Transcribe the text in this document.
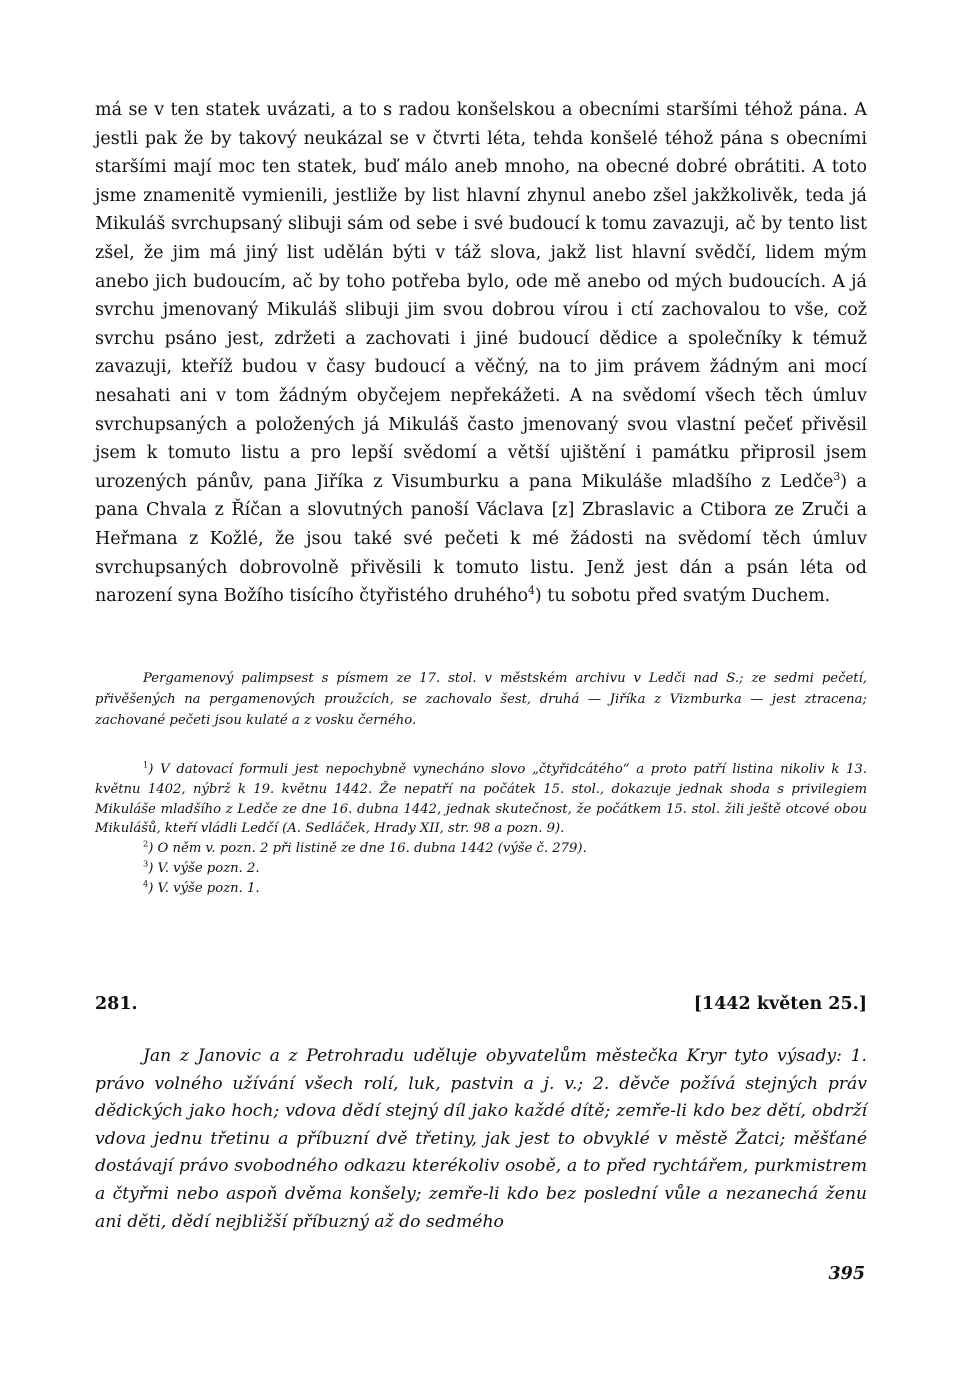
má se v ten statek uvázati, a to s radou konšelskou a obecními staršími téhož pána. A jestli pak že by takový neukázal se v čtvrti léta, tehda konšelé téhož pána s obecními staršími mají moc ten statek, buď málo aneb mnoho, na obecné dobré obrátiti. A toto jsme znamenitě vymienili, jestliže by list hlavní zhynul anebo zšel jakžkolivěk, teda já Mikuláš svrchupsaný slibuji sám od sebe i své budoucí k tomu zavazuji, ač by tento list zšel, že jim má jiný list udělán býti v táž slova, jakž list hlavní svědčí, lidem mým anebo jich budoucím, ač by toho potřeba bylo, ode mě anebo od mých budoucích. A já svrchu jmenovaný Mikuláš slibuji jim svou dobrou vírou i ctí zachovalou to vše, což svrchu psáno jest, zdržeti a zachovati i jiné budoucí dědice a společníky k témuž zavazuji, kteříž budou v časy budoucí a věčný, na to jim právem žádným ani mocí nesahati ani v tom žádným obyčejem nepřekážeti. A na svědomí všech těch úmluv svrchupsaných a položených já Mikuláš často jmenovaný svou vlastní pečeť přivěsil jsem k tomuto listu a pro lepší svědomí a větší ujištění i památku připrosil jsem urozených pánův, pana Jiříka z Visumburku a pana Mikuláše mladšího z Ledče$^3$) a pana Chvala z Říčan a slovutných panoší Václava [z] Zbraslavic a Ctibora ze Zruči a Heřmana z Kožlé, že jsou také své pečeti k mé žádosti na svědomí těch úmluv svrchupsaných dobrovolně přivěsili k tomuto listu. Jenž jest dán a psán léta od narození syna Božího tisícího čtyřistého druhého$^4$) tu sobotu před svatým Duchem.

Pergamenový palimpsest s písmem ze 17. stol. v městském archivu v Ledči nad S.; ze sedmi pečetí, přivěšených na pergamenových proužcích, se zachovalo šest, druhá — Jiříka z Vizmburka — jest ztracena; zachované pečeti jsou kulaté a z vosku černého.

$^1$) V datovací formuli jest nepochybně vynecháno slovo „čtyřidcátého“ a proto patří listina nikoliv k 13. květnu 1402, nýbrž k 19. květnu 1442. Že nepatří na počátek 15. stol., dokazuje jednak shoda s privilegiem Mikuláše mladšího z Ledče ze dne 16. dubna 1442, jednak skutečnost, že počátkem 15. stol. žili ještě otcové obou Mikulášů, kteří vládli Ledčí (A. Sedláček, Hrady XII, str. 98 a pozn. 9).

$^2$) O něm v. pozn. 2 při listině ze dne 16. dubna 1442 (výše č. 279).

$^3$) V. výše pozn. 2.

$^4$) V. výše pozn. 1.

281.	[1442 květen 25.]

Jan z Janovic a z Petrohradu uděluje obyvatelům městečka Kryr tyto výsady: 1. právo volného užívání všech rolí, luk, pastvin a j. v.; 2. děvče požívá stejných práv dědických jako hoch; vdova dědí stejný díl jako každé dítě; zemře-li kdo bez dětí, obdrží vdova jednu třetinu a příbuzní dvě třetiny, jak jest to obvyklé v městě Žatci; měšťané dostávají právo svobodného odkazu kterékoliv osobě, a to před rychtářem, purkmistrem a čtyřmi nebo aspoň dvěma konšely; zemře-li kdo bez poslední vůle a nezanechá ženu ani děti, dědí nejbližší příbuzný až do sedmého

395
